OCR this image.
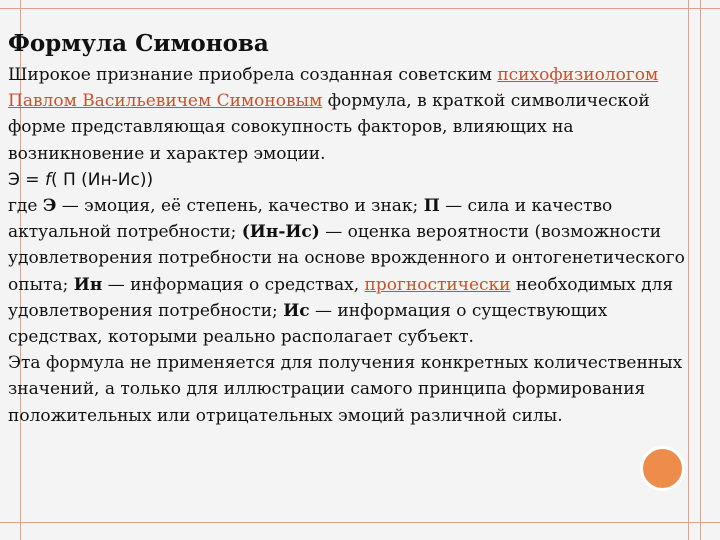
Формула Симонова

Широкое признание приобрела созданная советским психофизиологом Павлом Васильевичем Симоновым формула, в краткой символической форме представляющая совокупность факторов, влияющих на возникновение и характер эмоции.

Э = f( П (Ин-Ис))

где Э — эмоция, её степень, качество и знак; П — сила и качество актуальной потребности; (Ин-Ис) — оценка вероятности (возможности удовлетворения потребности на основе врожденного и онтогенетического опыта; Ин — информация о средствах, прогностически необходимых для удовлетворения потребности; Ис — информация о существующих средствах, которыми реально располагает субъект.

Эта формула не применяется для получения конкретных количественных значений, а только для иллюстрации самого принципа формирования положительных или отрицательных эмоций различной силы.
